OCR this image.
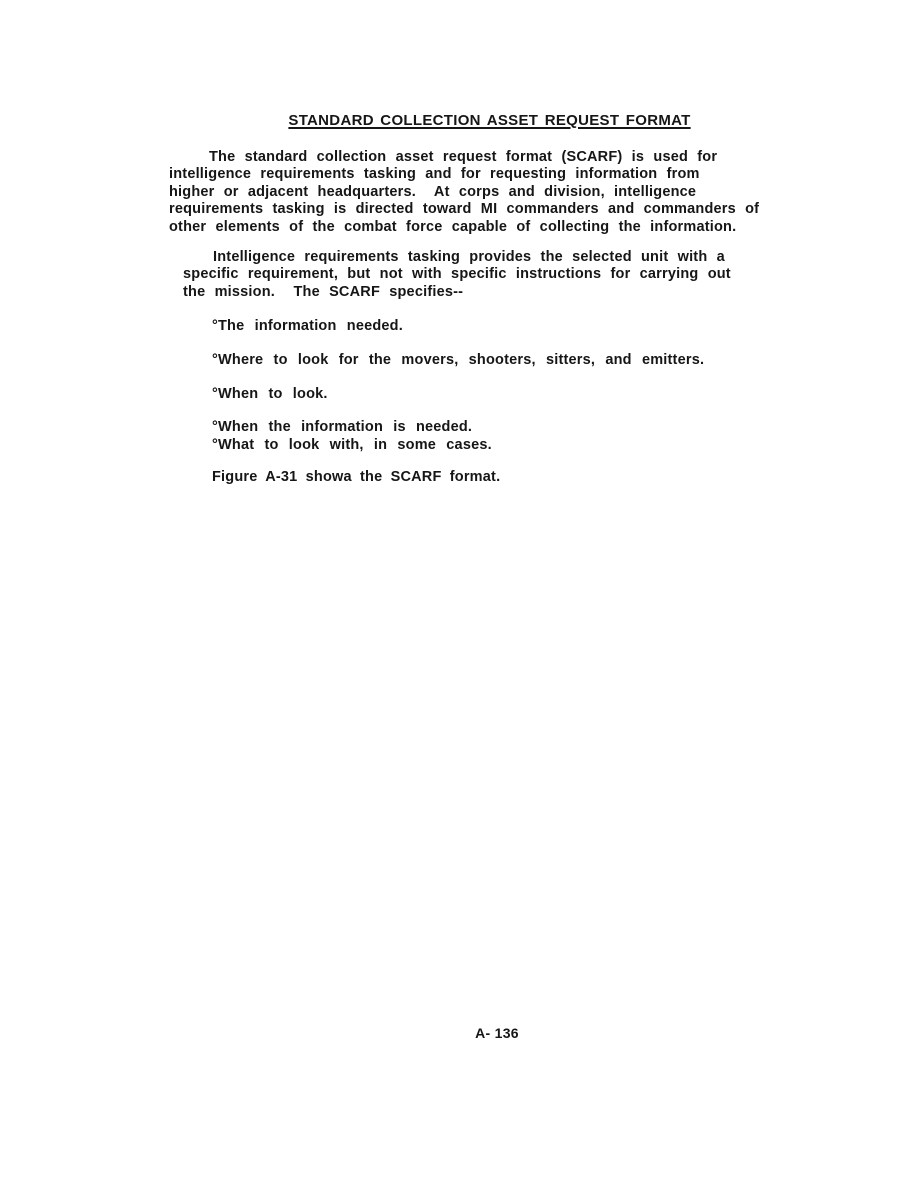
STANDARD COLLECTION ASSET REQUEST FORMAT
The standard collection asset request format (SCARF) is used for
intelligence requirements tasking and for requesting information from
higher or adjacent headquarters.  At corps and division, intelligence
requirements tasking is directed toward MI commanders and commanders of
other elements of the combat force capable of collecting the information.
Intelligence requirements tasking provides the selected unit with a
specific requirement, but not with specific instructions for carrying out
the mission.  The SCARF specifies--
°The information needed.
°Where to look for the movers, shooters, sitters, and emitters.
°When to look.
°When the information is needed.
°What to look with, in some cases.
Figure A-31 showa the SCARF format.
A- 136
